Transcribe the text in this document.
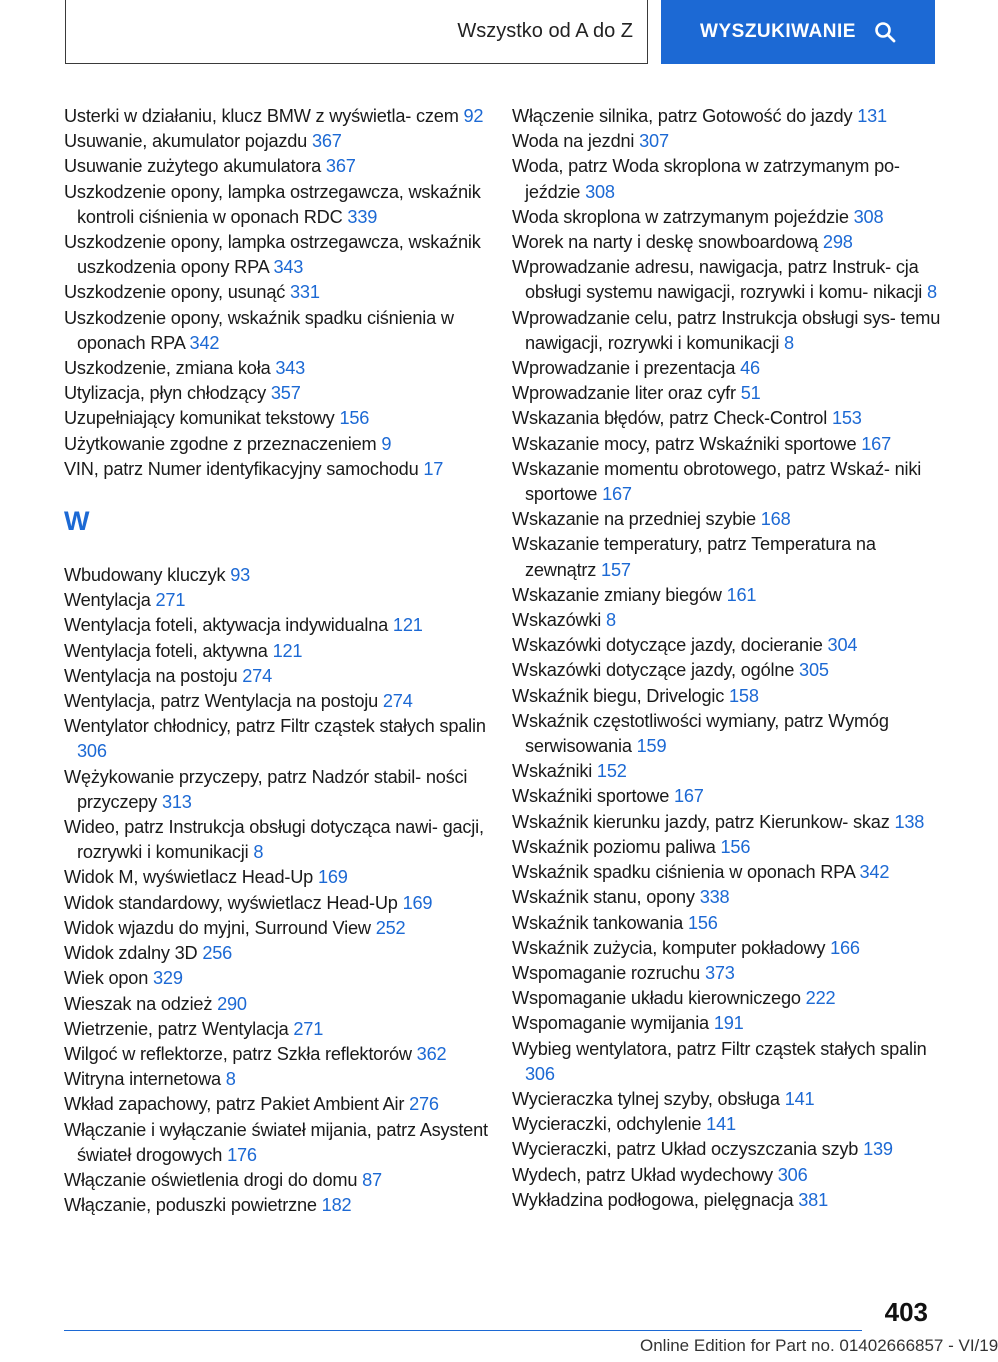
Wszystko od A do Z	WYSZUKIWANIE
Usterki w działaniu, klucz BMW z wyświetla‐ czem 92
Usuwanie, akumulator pojazdu 367
Usuwanie zużytego akumulatora 367
Uszkodzenie opony, lampka ostrzegawcza, wskaźnik kontroli ciśnienia w oponach RDC 339
Uszkodzenie opony, lampka ostrzegawcza, wskaźnik uszkodzenia opony RPA 343
Uszkodzenie opony, usunąć 331
Uszkodzenie opony, wskaźnik spadku ciśnienia w oponach RPA 342
Uszkodzenie, zmiana koła 343
Utylizacja, płyn chłodzący 357
Uzupełniający komunikat tekstowy 156
Użytkowanie zgodne z przeznaczeniem 9
VIN, patrz Numer identyfikacyjny samochodu 17
W
Wbudowany kluczyk 93
Wentylacja 271
Wentylacja foteli, aktywacja indywidualna 121
Wentylacja foteli, aktywna 121
Wentylacja na postoju 274
Wentylacja, patrz Wentylacja na postoju 274
Wentylator chłodnicy, patrz Filtr cząstek stałych spalin 306
Wężykowanie przyczepy, patrz Nadzór stabil‐ ności przyczepy 313
Wideo, patrz Instrukcja obsługi dotycząca nawi‐ gacji, rozrywki i komunikacji 8
Widok M, wyświetlacz Head-Up 169
Widok standardowy, wyświetlacz Head-Up 169
Widok wjazdu do myjni, Surround View 252
Widok zdalny 3D 256
Wiek opon 329
Wieszak na odzież 290
Wietrzenie, patrz Wentylacja 271
Wilgoć w reflektorze, patrz Szkła reflektorów 362
Witryna internetowa 8
Wkład zapachowy, patrz Pakiet Ambient Air 276
Włączanie i wyłączanie świateł mijania, patrz Asystent świateł drogowych 176
Włączanie oświetlenia drogi do domu 87
Włączanie, poduszki powietrzne 182
Włączenie silnika, patrz Gotowość do jazdy 131
Woda na jezdni 307
Woda, patrz Woda skroplona w zatrzymanym po‐ jeździe 308
Woda skroplona w zatrzymanym pojeździe 308
Worek na narty i deskę snowboardową 298
Wprowadzanie adresu, nawigacja, patrz Instruk‐ cja obsługi systemu nawigacji, rozrywki i komu‐ nikacji 8
Wprowadzanie celu, patrz Instrukcja obsługi sys‐ temu nawigacji, rozrywki i komunikacji 8
Wprowadzanie i prezentacja 46
Wprowadzanie liter oraz cyfr 51
Wskazania błędów, patrz Check-Control 153
Wskazanie mocy, patrz Wskaźniki sportowe 167
Wskazanie momentu obrotowego, patrz Wskaź‐ niki sportowe 167
Wskazanie na przedniej szybie 168
Wskazanie temperatury, patrz Temperatura na zewnątrz 157
Wskazanie zmiany biegów 161
Wskazówki 8
Wskazówki dotyczące jazdy, docieranie 304
Wskazówki dotyczące jazdy, ogólne 305
Wskaźnik biegu, Drivelogic 158
Wskaźnik częstotliwości wymiany, patrz Wymóg serwisowania 159
Wskaźniki 152
Wskaźniki sportowe 167
Wskaźnik kierunku jazdy, patrz Kierunkow‐ skaz 138
Wskaźnik poziomu paliwa 156
Wskaźnik spadku ciśnienia w oponach RPA 342
Wskaźnik stanu, opony 338
Wskaźnik tankowania 156
Wskaźnik zużycia, komputer pokładowy 166
Wspomaganie rozruchu 373
Wspomaganie układu kierowniczego 222
Wspomaganie wymijania 191
Wybieg wentylatora, patrz Filtr cząstek stałych spalin 306
Wycieraczka tylnej szyby, obsługa 141
Wycieraczki, odchylenie 141
Wycieraczki, patrz Układ oczyszczania szyb 139
Wydech, patrz Układ wydechowy 306
Wykładzina podłogowa, pielęgnacja 381
403
Online Edition for Part no. 01402666857 - VI/19
